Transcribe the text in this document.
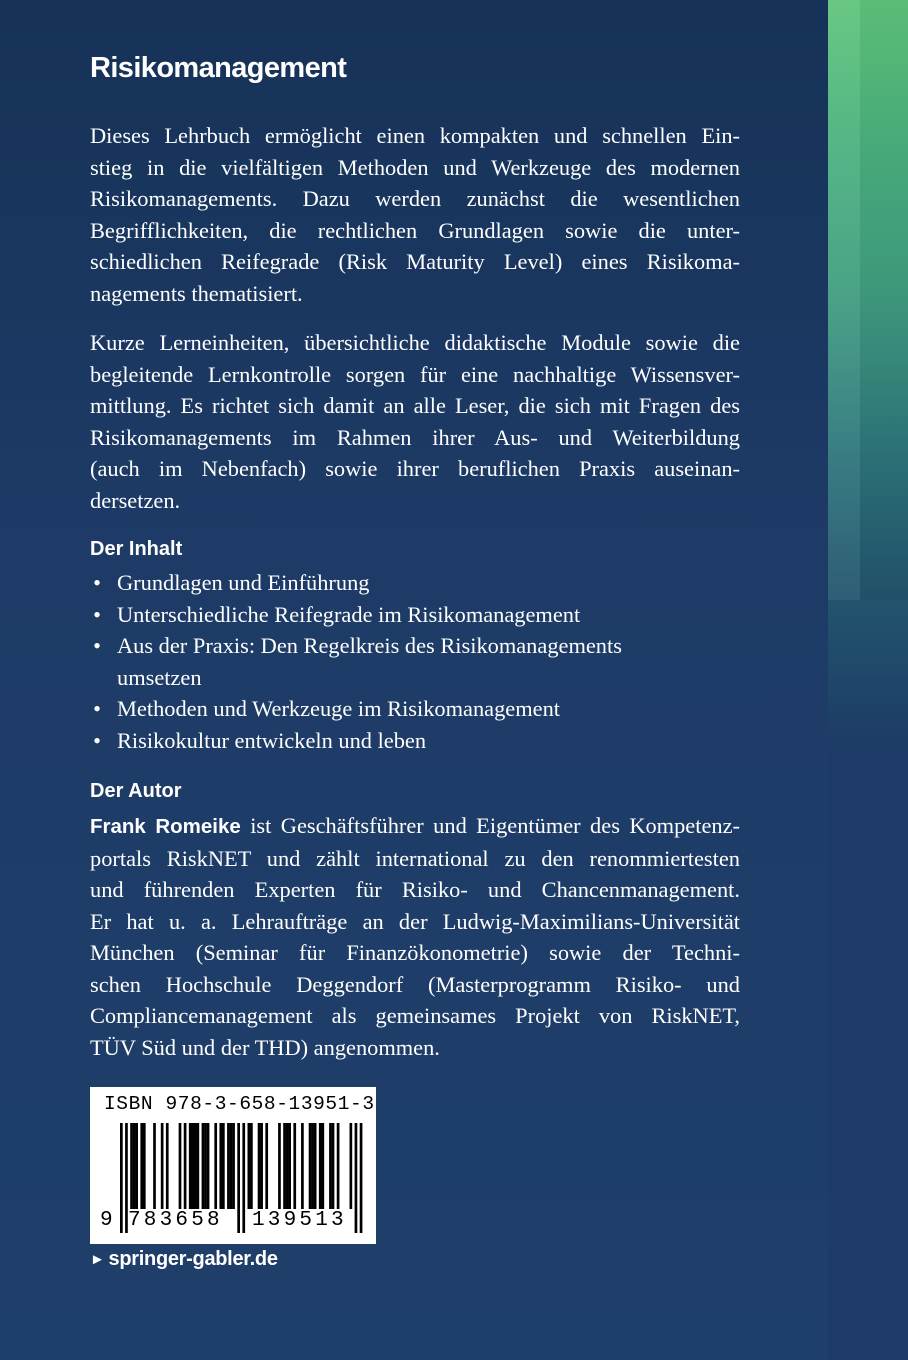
Risikomanagement
Dieses Lehrbuch ermöglicht einen kompakten und schnellen Ein-
stieg in die vielfältigen Methoden und Werkzeuge des modernen
Risikomanagements. Dazu werden zunächst die wesentlichen
Begrifflichkeiten, die rechtlichen Grundlagen sowie die unter-
schiedlichen Reifegrade (Risk Maturity Level) eines Risikoma-
nagements thematisiert.
Kurze Lerneinheiten, übersichtliche didaktische Module sowie die
begleitende Lernkontrolle sorgen für eine nachhaltige Wissensver-
mittlung. Es richtet sich damit an alle Leser, die sich mit Fragen des
Risikomanagements im Rahmen ihrer Aus- und Weiterbildung
(auch im Nebenfach) sowie ihrer beruflichen Praxis auseinan-
dersetzen.

Der Inhalt

• Grundlagen und Einführung
• Unterschiedliche Reifegrade im Risikomanagement
• Aus der Praxis: Den Regelkreis des Risikomanagements umsetzen
• Methoden und Werkzeuge im Risikomanagement
• Risikokultur entwickeln und leben

Der Autor

Frank Romeike ist Geschäftsführer und Eigentümer des Kompetenz-
portals RiskNET und zählt international zu den renommiertesten
und führenden Experten für Risiko- und Chancenmanagement.
Er hat u. a. Lehraufträge an der Ludwig-Maximilians-Universität
München (Seminar für Finanzökonometrie) sowie der Techni-
schen Hochschule Deggendorf (Masterprogramm Risiko- und
Compliancemanagement als gemeinsames Projekt von RiskNET,
TÜV Süd und der THD) angenommen.

ISBN 978-3-658-13951-3

9 783658 139513

► springer-gabler.de
